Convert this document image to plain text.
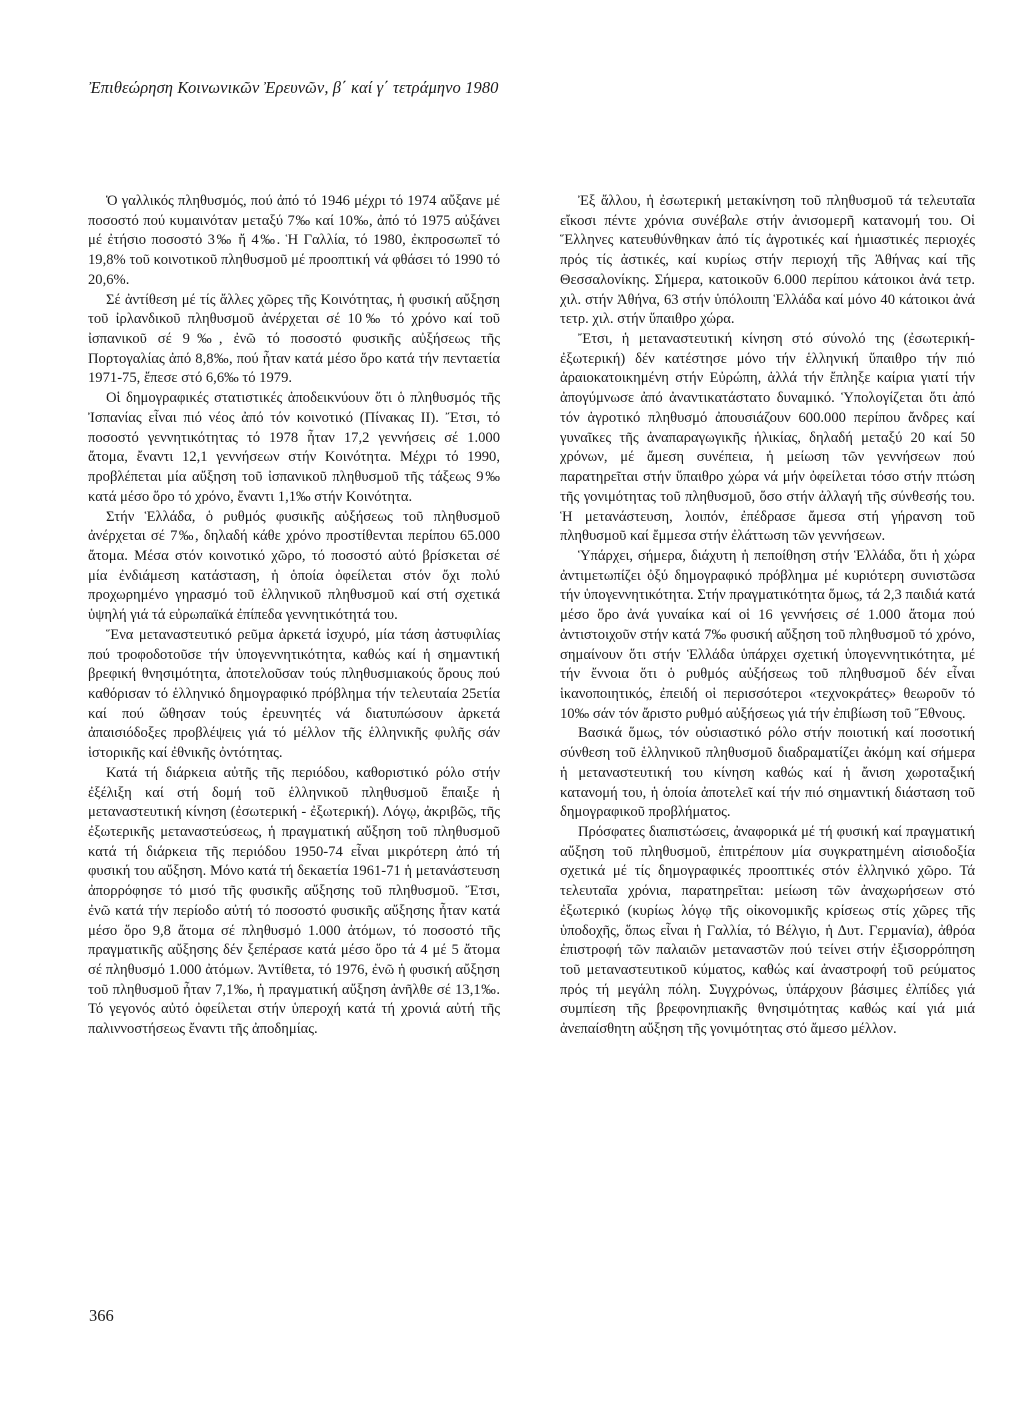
Ἐπιθεώρηση Κοινωνικῶν Ἐρευνῶν, β΄ καί γ΄ τετράμηνο 1980

Ὁ γαλλικός πληθυσμός, πού ἀπό τό 1946 μέχρι τό 1974 αὔξανε μέ ποσοστό πού κυμαινόταν μεταξύ 7‰ καί 10‰, ἀπό τό 1975 αὐξάνει μέ ἐτήσιο ποσοστό 3‰ ἤ 4‰. Ἡ Γαλλία, τό 1980, ἐκπροσωπεῖ τό 19,8% τοῦ κοινοτικοῦ πληθυσμοῦ μέ προοπτική νά φθάσει τό 1990 τό 20,6%.

Σέ ἀντίθεση μέ τίς ἄλλες χῶρες τῆς Κοινότητας, ἡ φυσική αὔξηση τοῦ ἰρλανδικοῦ πληθυσμοῦ ἀνέρχεται σέ 10‰ τό χρόνο καί τοῦ ἰσπανικοῦ σέ 9‰, ἐνῶ τό ποσοστό φυσικῆς αὐξήσεως τῆς Πορτογαλίας ἀπό 8,8‰, πού ἦταν κατά μέσο ὅρο κατά τήν πενταετία 1971-75, ἔπεσε στό 6,6‰ τό 1979.

Οἱ δημογραφικές στατιστικές ἀποδεικνύουν ὅτι ὁ πληθυσμός τῆς Ἰσπανίας εἶναι πιό νέος ἀπό τόν κοινοτικό (Πίνακας ΙΙ). Ἔτσι, τό ποσοστό γεννητικότητας τό 1978 ἦταν 17,2 γεννήσεις σέ 1.000 ἄτομα, ἔναντι 12,1 γεννήσεων στήν Κοινότητα. Μέχρι τό 1990, προβλέπεται μία αὔξηση τοῦ ἰσπανικοῦ πληθυσμοῦ τῆς τάξεως 9‰ κατά μέσο ὅρο τό χρόνο, ἔναντι 1,1‰ στήν Κοινότητα.

Στήν Ἑλλάδα, ὁ ρυθμός φυσικῆς αὐξήσεως τοῦ πληθυσμοῦ ἀνέρχεται σέ 7‰, δηλαδή κάθε χρόνο προστίθενται περίπου 65.000 ἄτομα. Μέσα στόν κοινοτικό χῶρο, τό ποσοστό αὐτό βρίσκεται σέ μία ἐνδιάμεση κατάσταση, ἡ ὁποία ὀφείλεται στόν ὄχι πολύ προχωρημένο γηρασμό τοῦ ἑλληνικοῦ πληθυσμοῦ καί στή σχετικά ὑψηλή γιά τά εὐρωπαϊκά ἐπίπεδα γεννητικότητά του.

Ἕνα μεταναστευτικό ρεῦμα ἀρκετά ἰσχυρό, μία τάση ἀστυφιλίας πού τροφοδοτοῦσε τήν ὑπογεννητικότητα, καθώς καί ἡ σημαντική βρεφική θνησιμότητα, ἀποτελοῦσαν τούς πληθυσμιακούς ὅρους πού καθόρισαν τό ἑλληνικό δημογραφικό πρόβλημα τήν τελευταία 25ετία καί πού ὤθησαν τούς ἐρευνητές νά διατυπώσουν ἀρκετά ἀπαισιόδοξες προβλέψεις γιά τό μέλλον τῆς ἑλληνικῆς φυλῆς σάν ἱστορικῆς καί ἐθνικῆς ὀντότητας.

Κατά τή διάρκεια αὐτῆς τῆς περιόδου, καθοριστικό ρόλο στήν ἐξέλιξη καί στή δομή τοῦ ἑλληνικοῦ πληθυσμοῦ ἔπαιξε ἡ μεταναστευτική κίνηση (ἐσωτερική - ἐξωτερική). Λόγῳ, ἀκριβῶς, τῆς ἐξωτερικῆς μεταναστεύσεως, ἡ πραγματική αὔξηση τοῦ πληθυσμοῦ κατά τή διάρκεια τῆς περιόδου 1950-74 εἶναι μικρότερη ἀπό τή φυσική του αὔξηση. Μόνο κατά τή δεκαετία 1961-71 ἡ μετανάστευση ἀπορρόφησε τό μισό τῆς φυσικῆς αὔξησης τοῦ πληθυσμοῦ. Ἔτσι, ἐνῶ κατά τήν περίοδο αὐτή τό ποσοστό φυσικῆς αὔξησης ἦταν κατά μέσο ὅρο 9,8 ἄτομα σέ πληθυσμό 1.000 ἀτόμων, τό ποσοστό τῆς πραγματικῆς αὔξησης δέν ξεπέρασε κατά μέσο ὅρο τά 4 μέ 5 ἄτομα σέ πληθυσμό 1.000 ἀτόμων. Ἀντίθετα, τό 1976, ἐνῶ ἡ φυσική αὔξηση τοῦ πληθυσμοῦ ἦταν 7,1‰, ἡ πραγματική αὔξηση ἀνῆλθε σέ 13,1‰. Τό γεγονός αὐτό ὀφείλεται στήν ὑπεροχή κατά τή χρονιά αὐτή τῆς παλιννοστήσεως ἔναντι τῆς ἀποδημίας.

Ἐξ ἄλλου, ἡ ἐσωτερική μετακίνηση τοῦ πληθυσμοῦ τά τελευταῖα εἴκοσι πέντε χρόνια συνέβαλε στήν ἀνισομερῆ κατανομή του. Οἱ Ἕλληνες κατευθύνθηκαν ἀπό τίς ἀγροτικές καί ἡμιαστικές περιοχές πρός τίς ἀστικές, καί κυρίως στήν περιοχή τῆς Ἀθήνας καί τῆς Θεσσαλονίκης. Σήμερα, κατοικοῦν 6.000 περίπου κάτοικοι ἀνά τετρ. χιλ. στήν Ἀθήνα, 63 στήν ὑπόλοιπη Ἑλλάδα καί μόνο 40 κάτοικοι ἀνά τετρ. χιλ. στήν ὕπαιθρο χώρα.

Ἔτσι, ἡ μεταναστευτική κίνηση στό σύνολό της (ἐσωτερική-ἐξωτερική) δέν κατέστησε μόνο τήν ἑλληνική ὕπαιθρο τήν πιό ἀραιοκατοικημένη στήν Εὐρώπη, ἀλλά τήν ἔπληξε καίρια γιατί τήν ἀπογύμνωσε ἀπό ἀναντικατάστατο δυναμικό. Ὑπολογίζεται ὅτι ἀπό τόν ἀγροτικό πληθυσμό ἀπουσιάζουν 600.000 περίπου ἄνδρες καί γυναῖκες τῆς ἀναπαραγωγικῆς ἡλικίας, δηλαδή μεταξύ 20 καί 50 χρόνων, μέ ἄμεση συνέπεια, ἡ μείωση τῶν γεννήσεων πού παρατηρεῖται στήν ὕπαιθρο χώρα νά μήν ὀφείλεται τόσο στήν πτώση τῆς γονιμότητας τοῦ πληθυσμοῦ, ὅσο στήν ἀλλαγή τῆς σύνθεσής του. Ἡ μετανάστευση, λοιπόν, ἐπέδρασε ἄμεσα στή γήρανση τοῦ πληθυσμοῦ καί ἔμμεσα στήν ἐλάττωση τῶν γεννήσεων.

Ὑπάρχει, σήμερα, διάχυτη ἡ πεποίθηση στήν Ἑλλάδα, ὅτι ἡ χώρα ἀντιμετωπίζει ὀξύ δημογραφικό πρόβλημα μέ κυριότερη συνιστῶσα τήν ὑπογεννητικότητα. Στήν πραγματικότητα ὅμως, τά 2,3 παιδιά κατά μέσο ὅρο ἀνά γυναίκα καί οἱ 16 γεννήσεις σέ 1.000 ἄτομα πού ἀντιστοιχοῦν στήν κατά 7‰ φυσική αὔξηση τοῦ πληθυσμοῦ τό χρόνο, σημαίνουν ὅτι στήν Ἑλλάδα ὑπάρχει σχετική ὑπογεννητικότητα, μέ τήν ἔννοια ὅτι ὁ ρυθμός αὐξήσεως τοῦ πληθυσμοῦ δέν εἶναι ἱκανοποιητικός, ἐπειδή οἱ περισσότεροι «τεχνοκράτες» θεωροῦν τό 10‰ σάν τόν ἄριστο ρυθμό αὐξήσεως γιά τήν ἐπιβίωση τοῦ Ἔθνους.

Βασικά ὅμως, τόν οὐσιαστικό ρόλο στήν ποιοτική καί ποσοτική σύνθεση τοῦ ἑλληνικοῦ πληθυσμοῦ διαδραματίζει ἀκόμη καί σήμερα ἡ μεταναστευτική του κίνηση καθώς καί ἡ ἄνιση χωροταξική κατανομή του, ἡ ὁποία ἀποτελεῖ καί τήν πιό σημαντική διάσταση τοῦ δημογραφικοῦ προβλήματος.

Πρόσφατες διαπιστώσεις, ἀναφορικά μέ τή φυσική καί πραγματική αὔξηση τοῦ πληθυσμοῦ, ἐπιτρέπουν μία συγκρατημένη αἰσιοδοξία σχετικά μέ τίς δημογραφικές προοπτικές στόν ἑλληνικό χῶρο. Τά τελευταῖα χρόνια, παρατηρεῖται: μείωση τῶν ἀναχωρήσεων στό ἐξωτερικό (κυρίως λόγῳ τῆς οἰκονομικῆς κρίσεως στίς χῶρες τῆς ὑποδοχῆς, ὅπως εἶναι ἡ Γαλλία, τό Βέλγιο, ἡ Δυτ. Γερμανία), ἀθρόα ἐπιστροφή τῶν παλαιῶν μεταναστῶν πού τείνει στήν ἐξισορρόπηση τοῦ μεταναστευτικοῦ κύματος, καθώς καί ἀναστροφή τοῦ ρεύματος πρός τή μεγάλη πόλη. Συγχρόνως, ὑπάρχουν βάσιμες ἐλπίδες γιά συμπίεση τῆς βρεφονηπιακῆς θνησιμότητας καθώς καί γιά μιά ἀνεπαίσθητη αὔξηση τῆς γονιμότητας στό ἄμεσο μέλλον.

366
